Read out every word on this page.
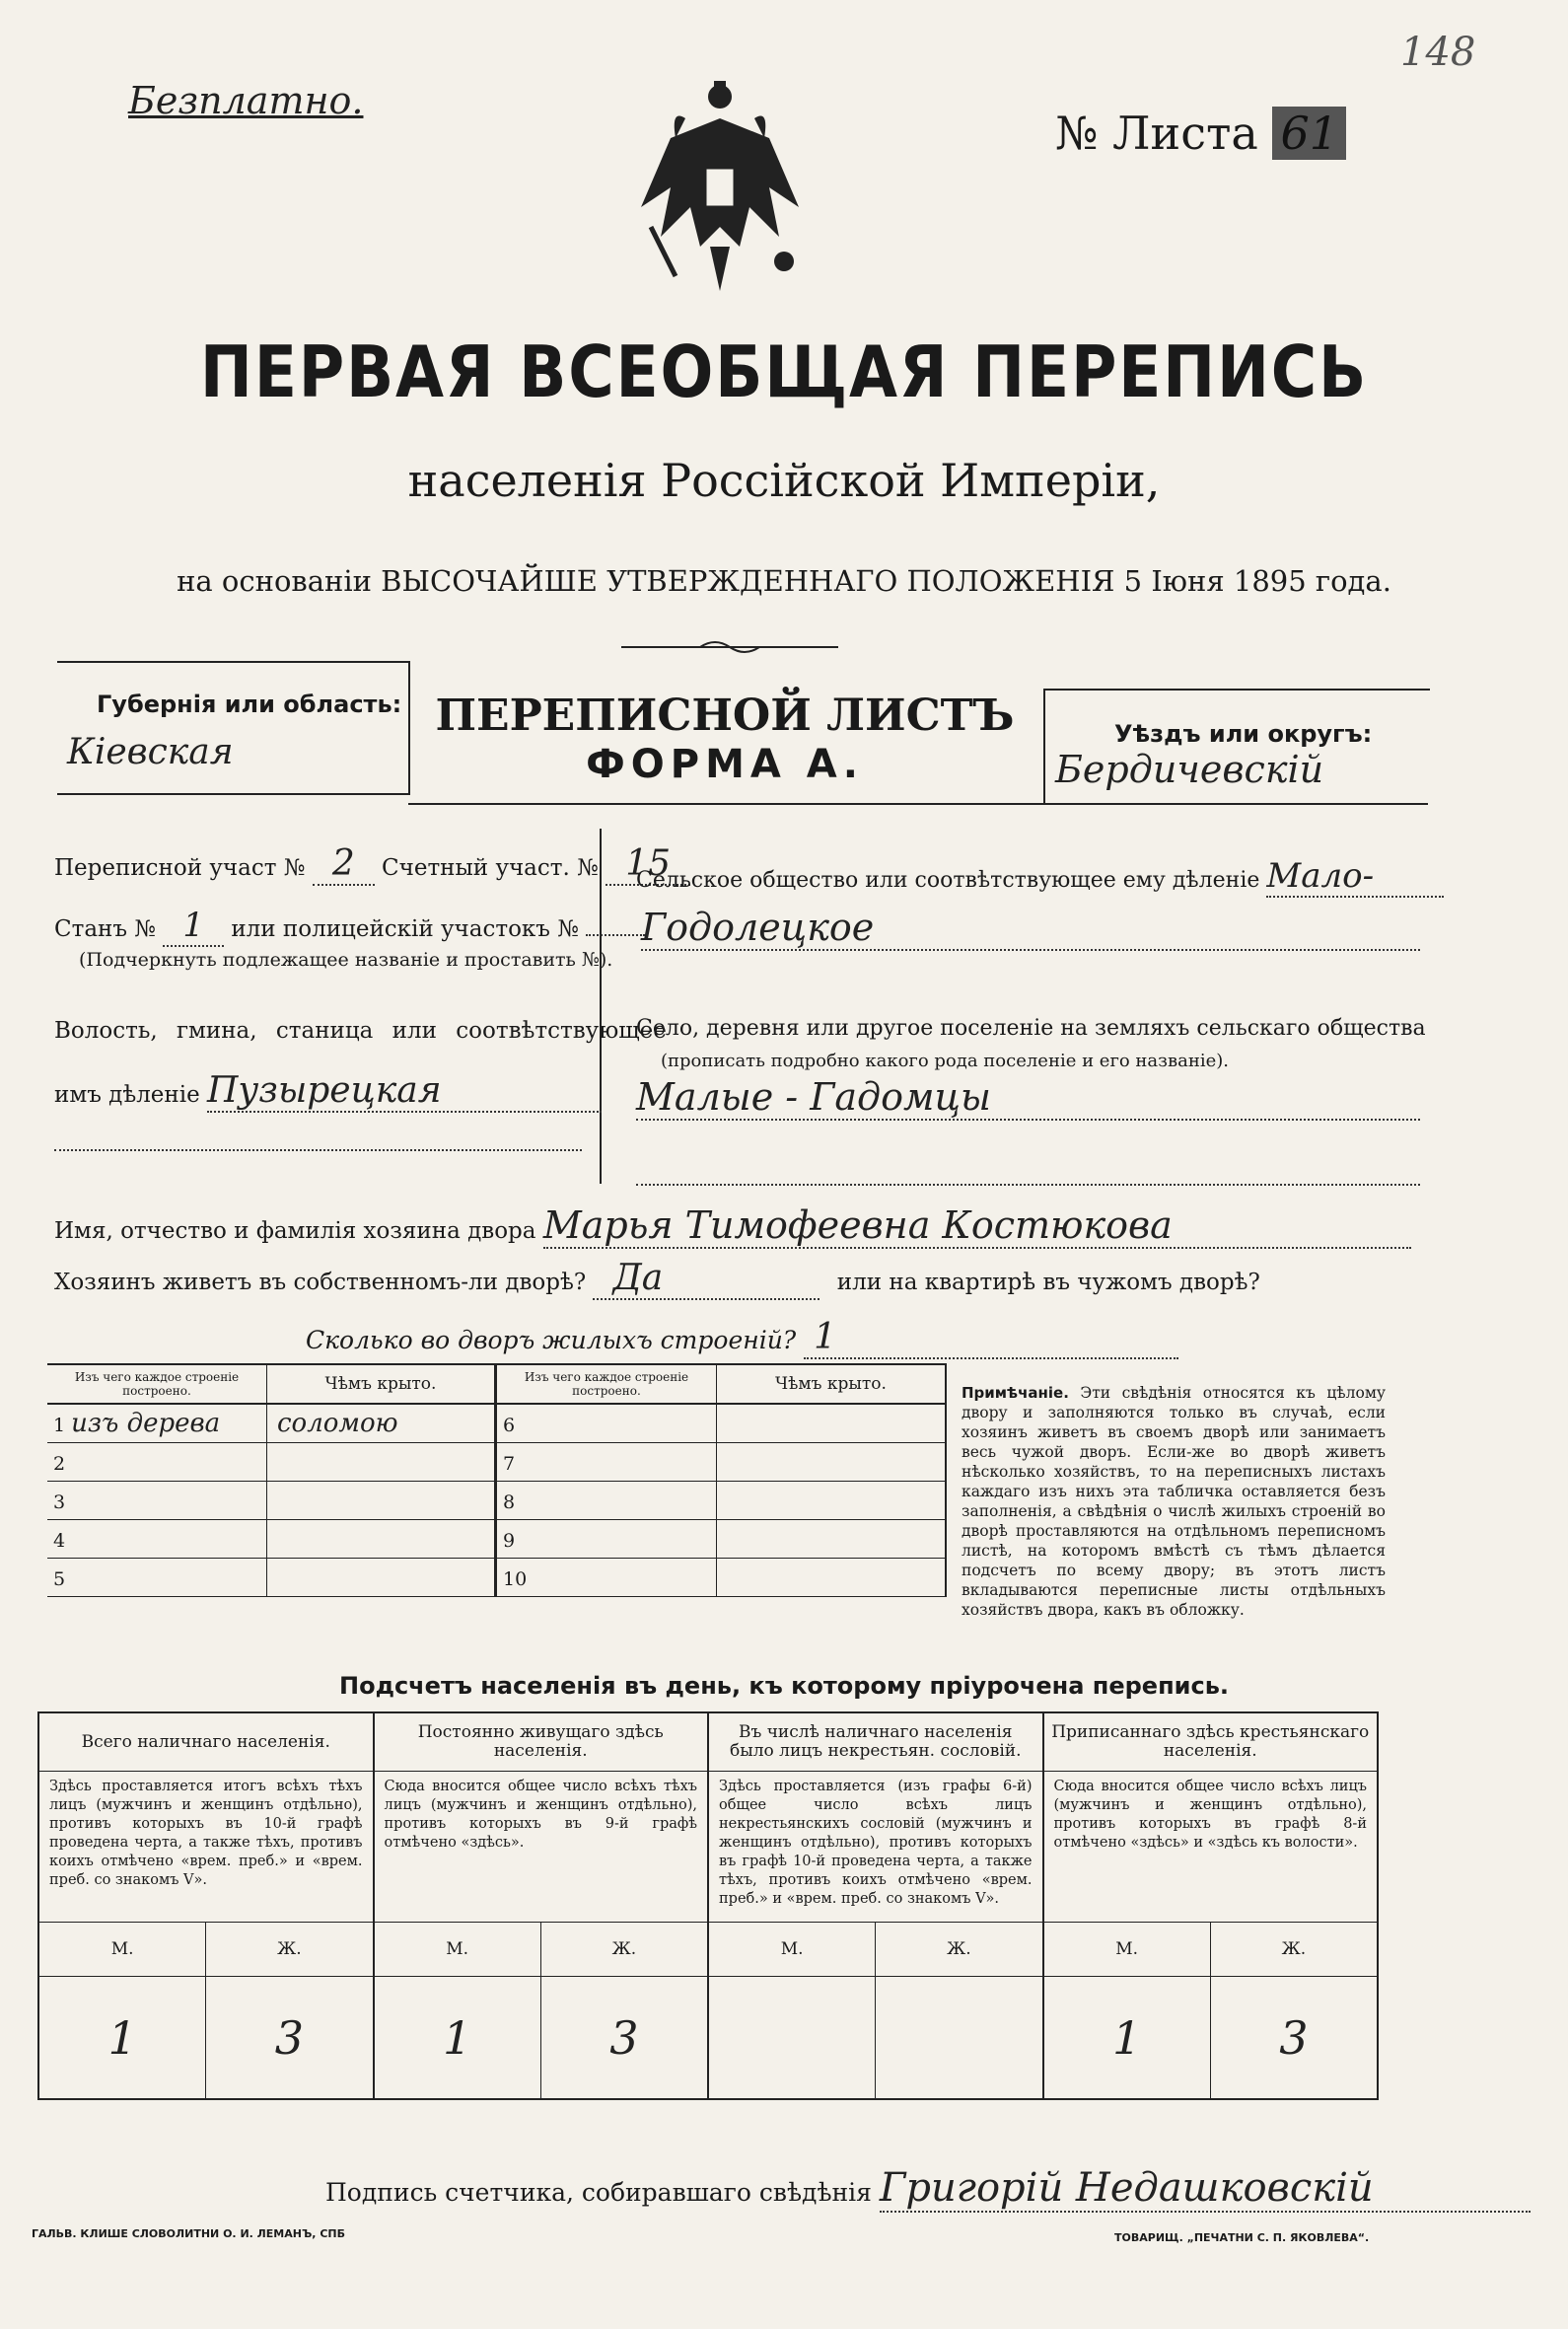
Безплатно.
№ Листа 61
148
ПЕРВАЯ ВСЕОБЩАЯ ПЕРЕПИСЬ
населенія Россійской Имперіи,
на основаніи ВЫСОЧАЙШЕ УТВЕРЖДЕННАГО ПОЛОЖЕНІЯ 5 Іюня 1895 года.
Губернія или область:
Кіевская
ПЕРЕПИСНОЙ ЛИСТЪ
ФОРМА А.
Уѣздъ или округъ:
Бердичевскій
Переписной участ № 2 Счетный участ. № 15
Станъ № 1 или полицейскій участокъ №
(Подчеркнуть подлежащее названіе и проставить №).
Волость, гмина, станица или соотвѣтствующее
имъ дѣленіе Пузырецкая
Сельское общество или соотвѣтствующее ему дѣленіе Мало-
Годолецкое
Село, деревня или другое поселеніе на земляхъ сельскаго общества
(прописать подробно какого рода поселеніе и его названіе).
Малые - Гадомцы
Имя, отчество и фамилія хозяина двора Марья Тимофеевна Костюкова
Хозяинъ живетъ въ собственномъ-ли дворѣ? Да	или на квартирѣ въ чужомъ дворѣ?
Сколько во дворъ жилыхъ строеній? 1
Изъ чего каждое строеніе построено.	Чѣмъ крыто.
1 изъ дерева	соломою
2	
3	
4	
5	
Изъ чего каждое строеніе построено.	Чѣмъ крыто.
6	
7	
8	
9	
10	
Примѣчаніе. Эти свѣдѣнія относятся къ цѣлому двору и заполняются только въ случаѣ, если хозяинъ живетъ въ своемъ дворѣ или занимаетъ весь чужой дворъ. Если-же во дворѣ живетъ нѣсколько хозяйствъ, то на переписныхъ листахъ каждаго изъ нихъ эта табличка оставляется безъ заполненія, а свѣдѣнія о числѣ жилыхъ строеній во дворѣ проставляются на отдѣльномъ переписномъ листѣ, на которомъ вмѣстѣ съ тѣмъ дѣлается подсчетъ по всему двору; въ этотъ листъ вкладываются переписные листы отдѣльныхъ хозяйствъ двора, какъ въ обложку.
Подсчетъ населенія въ день, къ которому пріурочена перепись.
Всего наличнаго населенія.
Здѣсь проставляется итогъ всѣхъ тѣхъ лицъ (мужчинъ и женщинъ отдѣльно), противъ которыхъ въ 10-й графѣ проведена черта, а также тѣхъ, противъ коихъ отмѣчено «врем. преб.» и «врем. преб. со знакомъ V».
М.	Ж.
1	3
Постоянно живущаго здѣсь населенія.
Сюда вносится общее число всѣхъ тѣхъ лицъ (мужчинъ и женщинъ отдѣльно), противъ которыхъ въ 9-й графѣ отмѣчено «здѣсь».
М.	Ж.
1	3
Въ числѣ наличнаго населенія было лицъ некрестьян. сословій.
Здѣсь проставляется (изъ графы 6-й) общее число всѣхъ лицъ некрестьянскихъ сословій (мужчинъ и женщинъ отдѣльно), противъ которыхъ въ графѣ 10-й проведена черта, а также тѣхъ, противъ коихъ отмѣчено «врем. преб.» и «врем. преб. со знакомъ V».
М.	Ж.
Приписаннаго здѣсь крестьянскаго населенія.
Сюда вносится общее число всѣхъ лицъ (мужчинъ и женщинъ отдѣльно), противъ которыхъ въ графѣ 8-й отмѣчено «здѣсь» и «здѣсь къ волости».
М.	Ж.
1	3
Подпись счетчика, собиравшаго свѣдѣнія Григорій Недашковскій
ГАЛЬВ. КЛИШЕ СЛОВОЛИТНИ О. И. ЛЕМАНЪ, СПБ	ТОВАРИЩ. „ПЕЧАТНИ С. П. ЯКОВЛЕВА“.
